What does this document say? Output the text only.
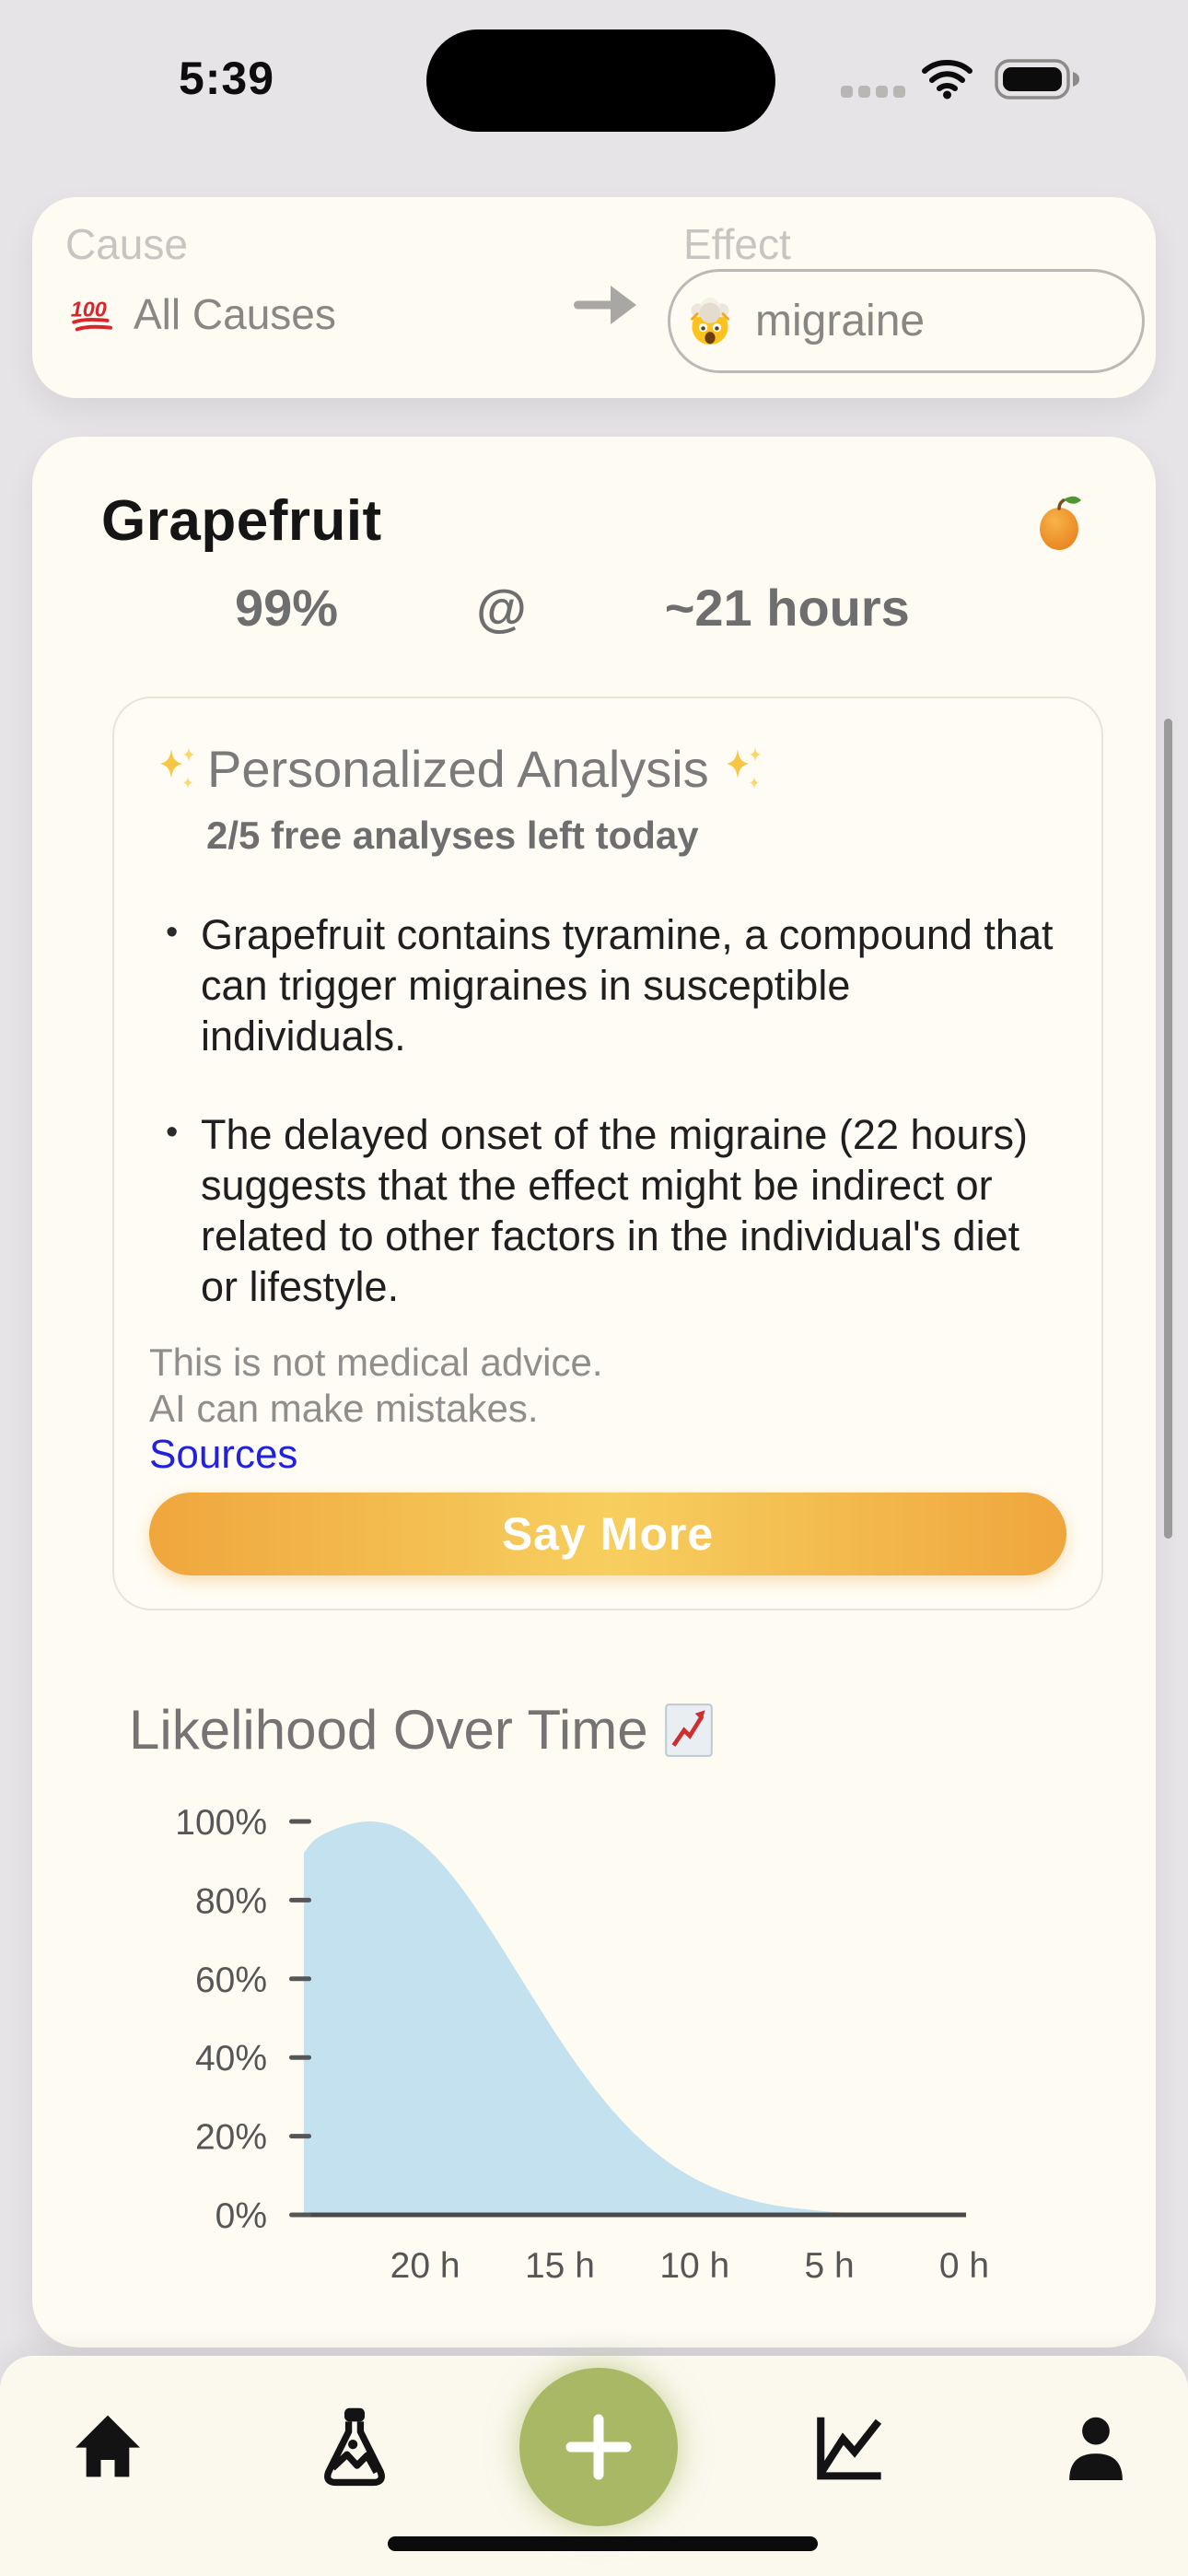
5:39
Cause	Effect
100 All Causes	migraine
Grapefruit
99%	@	~21 hours
Personalized Analysis
2/5 free analyses left today
• Grapefruit contains tyramine, a compound that can trigger migraines in susceptible individuals.
• The delayed onset of the migraine (22 hours) suggests that the effect might be indirect or related to other factors in the individual's diet or lifestyle.
This is not medical advice.
AI can make mistakes.
Sources
Say More
Likelihood Over Time
100%
80%
60%
40%
20%
0%
20 h 15 h 10 h 5 h 0 h
